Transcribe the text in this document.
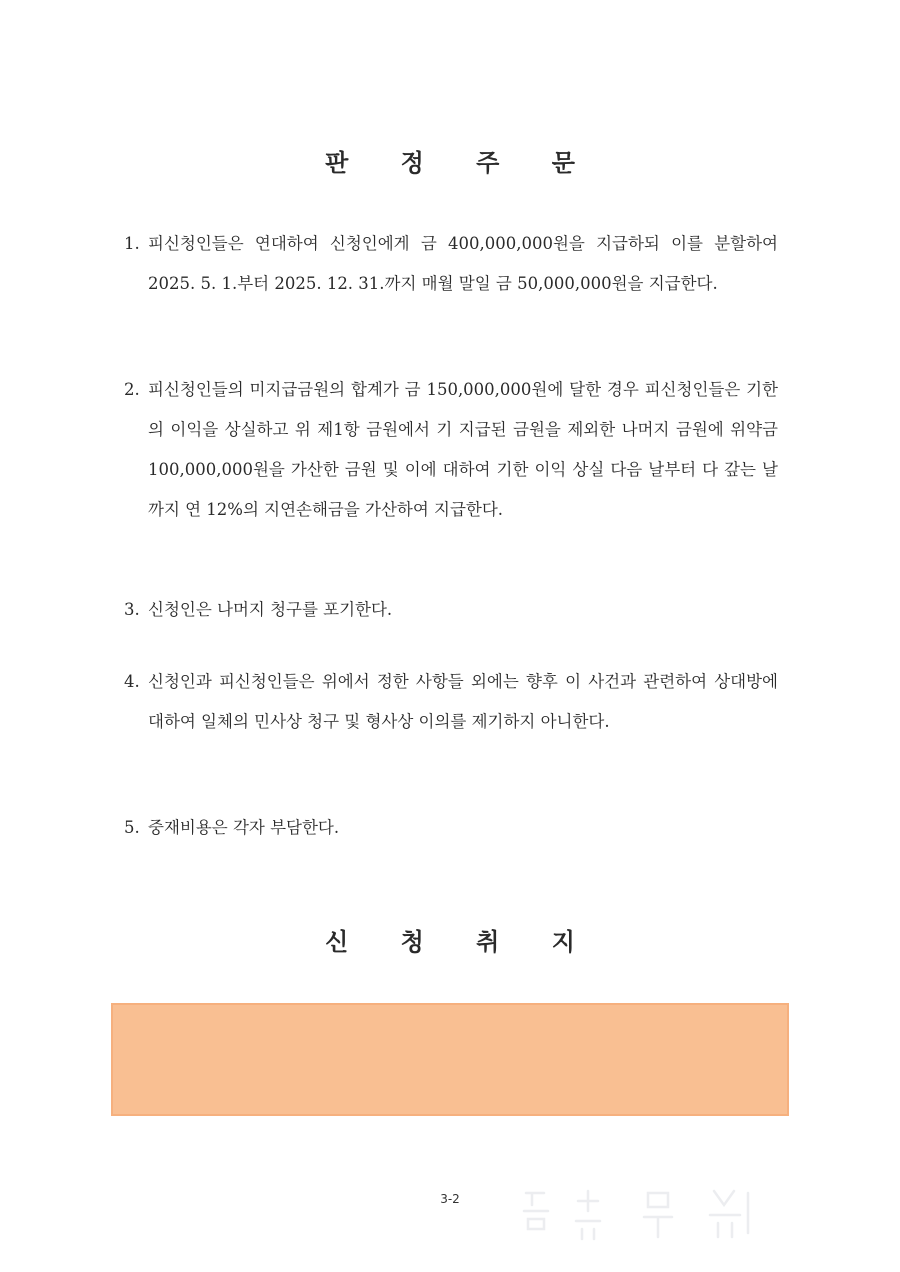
판 정 주 문
1. 피신청인들은 연대하여 신청인에게 금 400,000,000원을 지급하되 이를 분할하여 2025. 5. 1.부터 2025. 12. 31.까지 매월 말일 금 50,000,000원을 지급한다.
2. 피신청인들의 미지급금원의 합계가 금 150,000,000원에 달한 경우 피신청인들은 기한의 이익을 상실하고 위 제1항 금원에서 기 지급된 금원을 제외한 나머지 금원에 위약금 100,000,000원을 가산한 금원 및 이에 대하여 기한 이익 상실 다음 날부터 다 갚는 날까지 연 12%의 지연손해금을 가산하여 지급한다.
3. 신청인은 나머지 청구를 포기한다.
4. 신청인과 피신청인들은 위에서 정한 사항들 외에는 향후 이 사건과 관련하여 상대방에 대하여 일체의 민사상 청구 및 형사상 이의를 제기하지 아니한다.
5. 중재비용은 각자 부담한다.
신 청 취 지
3-2
